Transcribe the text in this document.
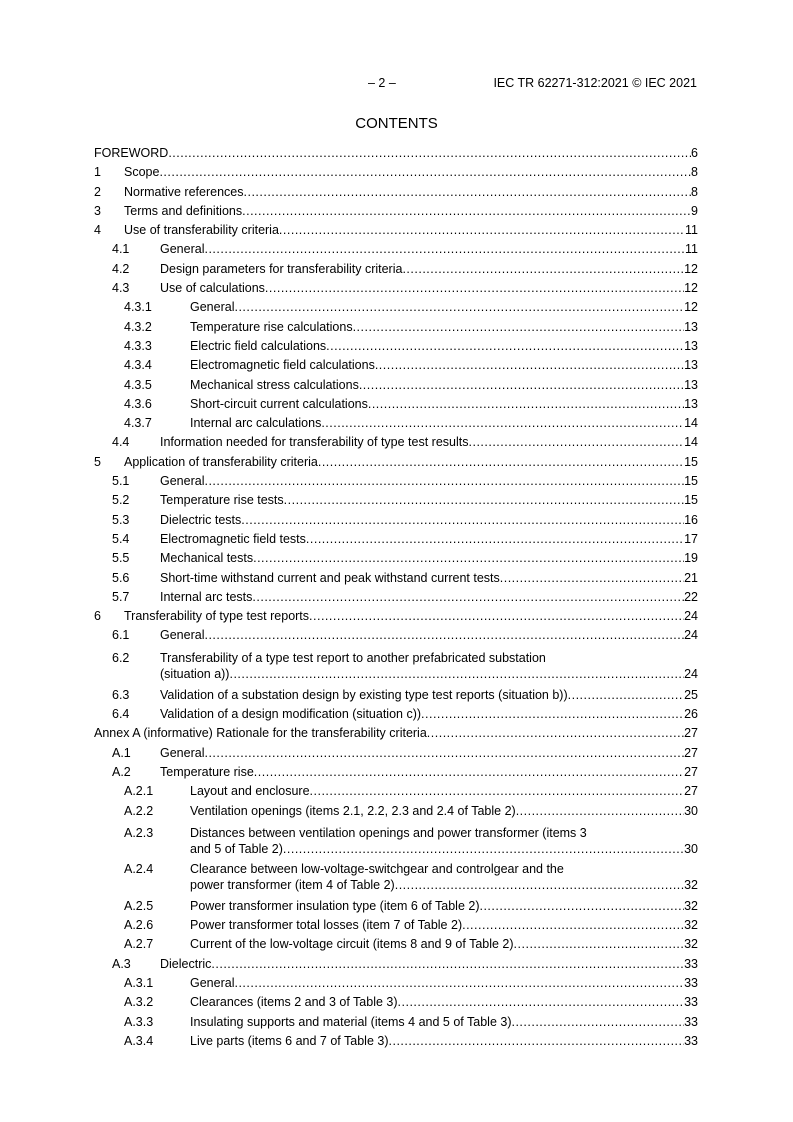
– 2 –	IEC TR 62271-312:2021 © IEC 2021
CONTENTS
FOREWORD .....	6
1	Scope .....	8
2	Normative references .....	8
3	Terms and definitions .....	9
4	Use of transferability criteria .....	11
4.1	General .....	11
4.2	Design parameters for transferability criteria .....	12
4.3	Use of calculations .....	12
4.3.1	General .....	12
4.3.2	Temperature rise calculations .....	13
4.3.3	Electric field calculations .....	13
4.3.4	Electromagnetic field calculations .....	13
4.3.5	Mechanical stress calculations .....	13
4.3.6	Short-circuit current calculations .....	13
4.3.7	Internal arc calculations .....	14
4.4	Information needed for transferability of type test results .....	14
5	Application of transferability criteria .....	15
5.1	General .....	15
5.2	Temperature rise tests .....	15
5.3	Dielectric tests .....	16
5.4	Electromagnetic field tests .....	17
5.5	Mechanical tests .....	19
5.6	Short-time withstand current and peak withstand current tests .....	21
5.7	Internal arc tests .....	22
6	Transferability of type test reports .....	24
6.1	General .....	24
6.2	Transferability of a type test report to another prefabricated substation
(situation a)) .....	24
6.3	Validation of a substation design by existing type test reports (situation b)) .....	25
6.4	Validation of a design modification (situation c)) .....	26
Annex A (informative) Rationale for the transferability criteria .....	27
A.1	General .....	27
A.2	Temperature rise .....	27
A.2.1	Layout and enclosure .....	27
A.2.2	Ventilation openings (items 2.1, 2.2, 2.3 and 2.4 of Table 2) .....	30
A.2.3	Distances between ventilation openings and power transformer (items 3
and 5 of Table 2) .....	30
A.2.4	Clearance between low-voltage-switchgear and controlgear and the
power transformer (item 4 of Table 2) .....	32
A.2.5	Power transformer insulation type (item 6 of Table 2) .....	32
A.2.6	Power transformer total losses (item 7 of Table 2) .....	32
A.2.7	Current of the low-voltage circuit (items 8 and 9 of Table 2) .....	32
A.3	Dielectric .....	33
A.3.1	General .....	33
A.3.2	Clearances (items 2 and 3 of Table 3) .....	33
A.3.3	Insulating supports and material (items 4 and 5 of Table 3) .....	33
A.3.4	Live parts (items 6 and 7 of Table 3) .....	33
